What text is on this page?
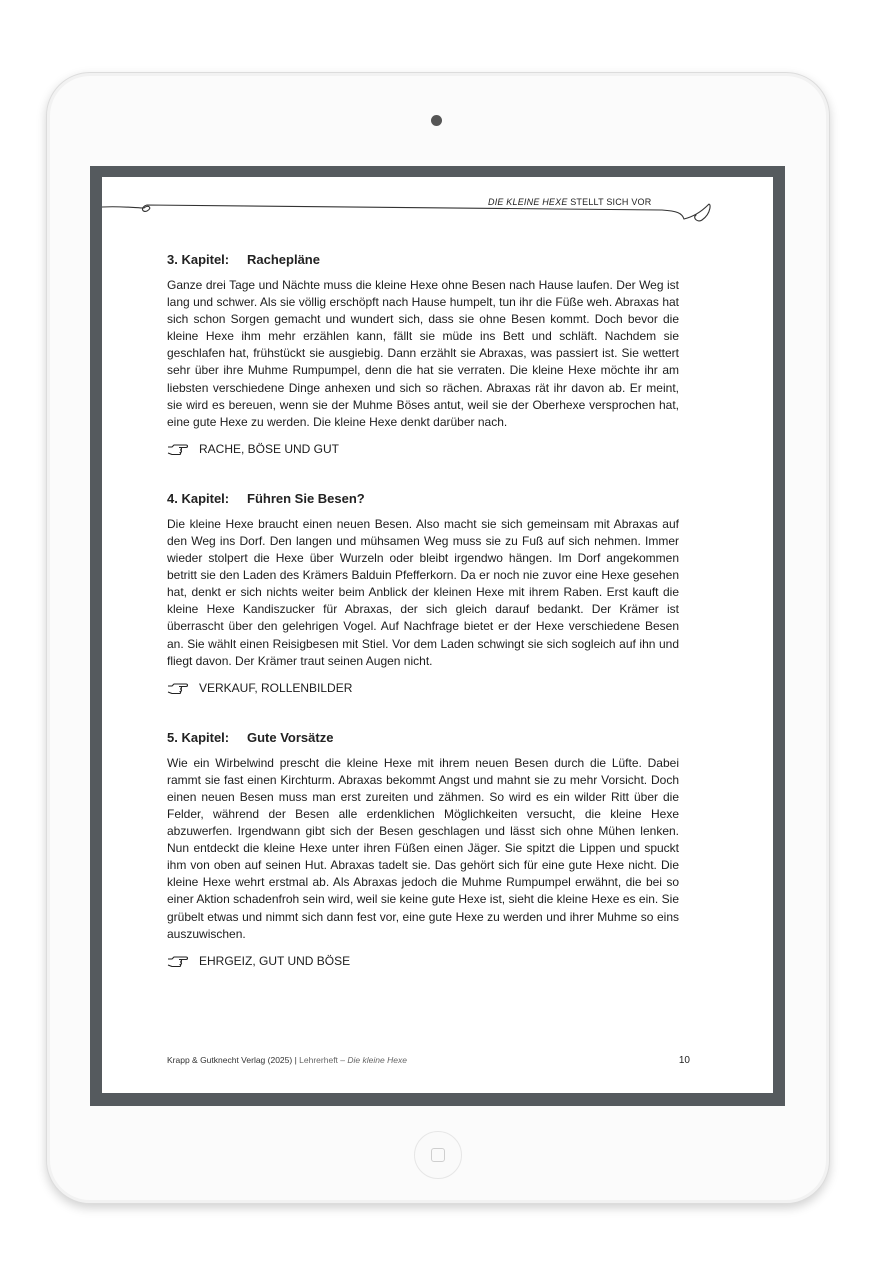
DIE KLEINE HEXE STELLT SICH VOR
3. Kapitel: Rachepläne

Ganze drei Tage und Nächte muss die kleine Hexe ohne Besen nach Hause laufen. Der Weg ist lang und schwer. Als sie völlig erschöpft nach Hause humpelt, tun ihr die Füße weh. Abraxas hat sich schon Sorgen gemacht und wundert sich, dass sie ohne Besen kommt. Doch bevor die kleine Hexe ihm mehr erzählen kann, fällt sie müde ins Bett und schläft. Nachdem sie geschlafen hat, frühstückt sie ausgiebig. Dann erzählt sie Abraxas, was passiert ist. Sie wettert sehr über ihre Muhme Rumpumpel, denn die hat sie verraten. Die kleine Hexe möchte ihr am liebsten verschiedene Dinge anhexen und sich so rächen. Abraxas rät ihr davon ab. Er meint, sie wird es bereuen, wenn sie der Muhme Böses antut, weil sie der Oberhexe versprochen hat, eine gute Hexe zu werden. Die kleine Hexe denkt darüber nach.

RACHE, BÖSE UND GUT
4. Kapitel: Führen Sie Besen?

Die kleine Hexe braucht einen neuen Besen. Also macht sie sich gemeinsam mit Abraxas auf den Weg ins Dorf. Den langen und mühsamen Weg muss sie zu Fuß auf sich nehmen. Immer wieder stolpert die Hexe über Wurzeln oder bleibt irgendwo hängen. Im Dorf angekommen betritt sie den Laden des Krämers Balduin Pfefferkorn. Da er noch nie zuvor eine Hexe gesehen hat, denkt er sich nichts weiter beim Anblick der kleinen Hexe mit ihrem Raben. Erst kauft die kleine Hexe Kandiszucker für Abraxas, der sich gleich darauf bedankt. Der Krämer ist überrascht über den gelehrigen Vogel. Auf Nachfrage bietet er der Hexe verschiedene Besen an. Sie wählt einen Reisigbesen mit Stiel. Vor dem Laden schwingt sie sich sogleich auf ihn und fliegt davon. Der Krämer traut seinen Augen nicht.

VERKAUF, ROLLENBILDER
5. Kapitel: Gute Vorsätze

Wie ein Wirbelwind prescht die kleine Hexe mit ihrem neuen Besen durch die Lüfte. Dabei rammt sie fast einen Kirchturm. Abraxas bekommt Angst und mahnt sie zu mehr Vorsicht. Doch einen neuen Besen muss man erst zureiten und zähmen. So wird es ein wilder Ritt über die Felder, während der Besen alle erdenklichen Möglichkeiten versucht, die kleine Hexe abzuwerfen. Irgendwann gibt sich der Besen geschlagen und lässt sich ohne Mühen lenken. Nun entdeckt die kleine Hexe unter ihren Füßen einen Jäger. Sie spitzt die Lippen und spuckt ihm von oben auf seinen Hut. Abraxas tadelt sie. Das gehört sich für eine gute Hexe nicht. Die kleine Hexe wehrt erstmal ab. Als Abraxas jedoch die Muhme Rumpumpel erwähnt, die bei so einer Aktion schadenfroh sein wird, weil sie keine gute Hexe ist, sieht die kleine Hexe es ein. Sie grübelt etwas und nimmt sich dann fest vor, eine gute Hexe zu werden und ihrer Muhme so eins auszuwischen.

EHRGEIZ, GUT UND BÖSE
Krapp & Gutknecht Verlag (2025) | Lehrerheft – Die kleine Hexe	10
